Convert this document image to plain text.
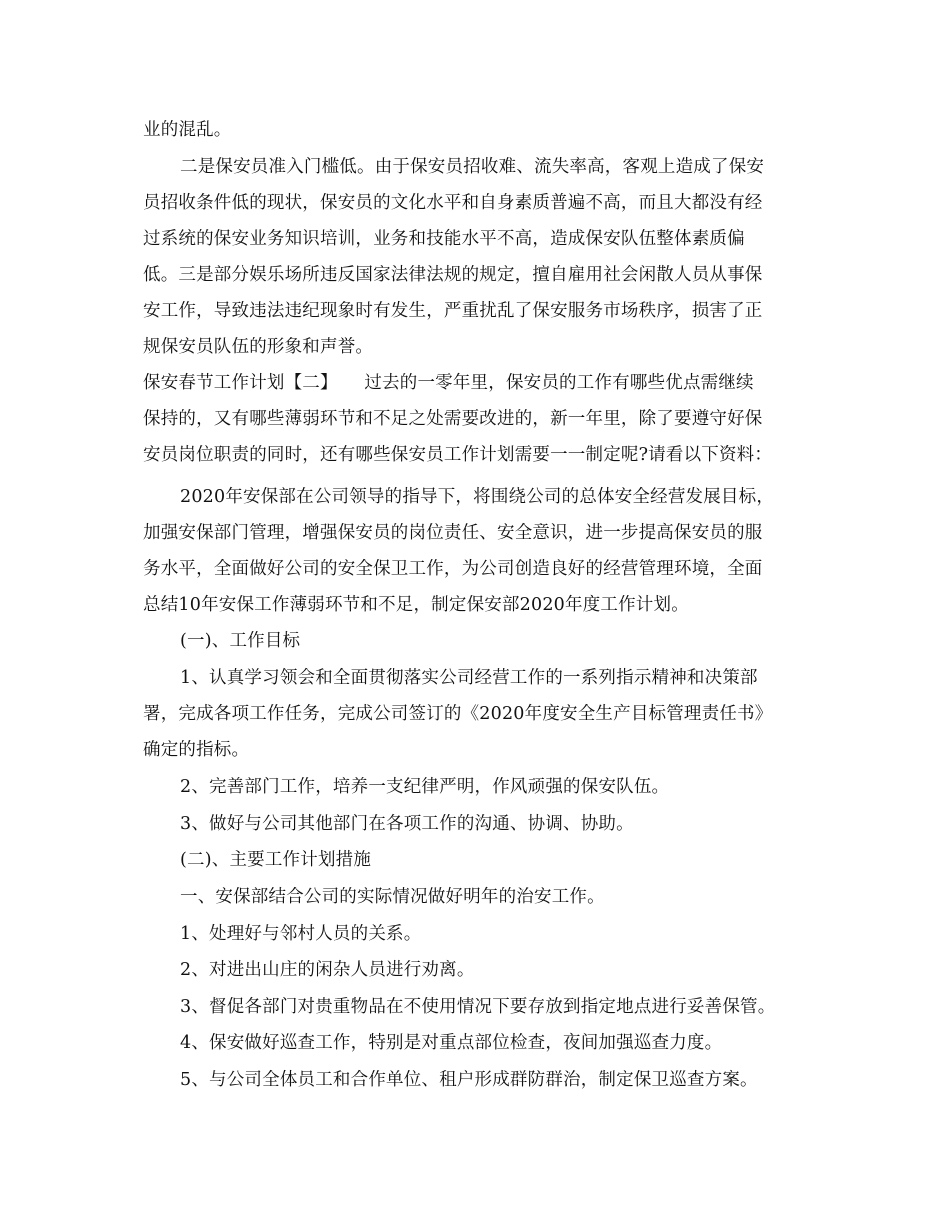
业的混乱。
二是保安员准入门槛低。由于保安员招收难、流失率高，客观上造成了保安
员招收条件低的现状，保安员的文化水平和自身素质普遍不高，而且大都没有经
过系统的保安业务知识培训，业务和技能水平不高，造成保安队伍整体素质偏
低。三是部分娱乐场所违反国家法律法规的规定，擅自雇用社会闲散人员从事保
安工作，导致违法违纪现象时有发生，严重扰乱了保安服务市场秩序，损害了正
规保安员队伍的形象和声誉。
保安春节工作计划【二】　　过去的一零年里，保安员的工作有哪些优点需继续
保持的，又有哪些薄弱环节和不足之处需要改进的，新一年里，除了要遵守好保
安员岗位职责的同时，还有哪些保安员工作计划需要一一制定呢?请看以下资料：
2020年安保部在公司领导的指导下，将围绕公司的总体安全经营发展目标，
加强安保部门管理，增强保安员的岗位责任、安全意识，进一步提高保安员的服
务水平，全面做好公司的安全保卫工作，为公司创造良好的经营管理环境，全面
总结10年安保工作薄弱环节和不足，制定保安部2020年度工作计划。
(一)、工作目标
1、认真学习领会和全面贯彻落实公司经营工作的一系列指示精神和决策部
署，完成各项工作任务，完成公司签订的《2020年度安全生产目标管理责任书》
确定的指标。
2、完善部门工作，培养一支纪律严明，作风顽强的保安队伍。
3、做好与公司其他部门在各项工作的沟通、协调、协助。
(二)、主要工作计划措施
一、安保部结合公司的实际情况做好明年的治安工作。
1、处理好与邻村人员的关系。
2、对进出山庄的闲杂人员进行劝离。
3、督促各部门对贵重物品在不使用情况下要存放到指定地点进行妥善保管。
4、保安做好巡查工作，特别是对重点部位检查，夜间加强巡查力度。
5、与公司全体员工和合作单位、租户形成群防群治，制定保卫巡查方案。
